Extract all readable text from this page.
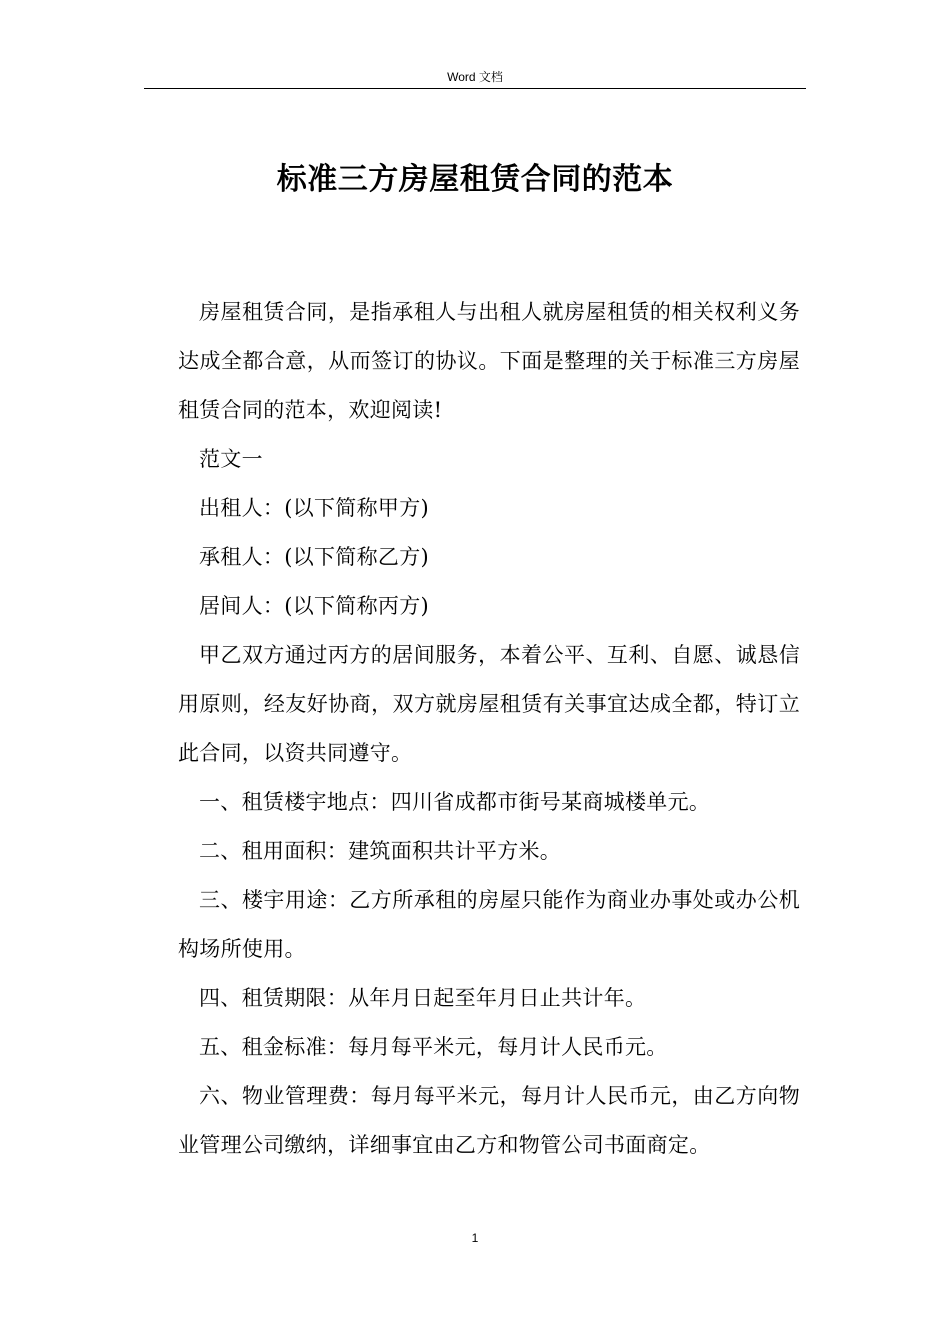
Word 文档
标准三方房屋租赁合同的范本

房屋租赁合同，是指承租人与出租人就房屋租赁的相关权利义务达成全都合意，从而签订的协议。下面是整理的关于标准三方房屋租赁合同的范本，欢迎阅读!

范文一

出租人：(以下简称甲方)

承租人：(以下简称乙方)

居间人：(以下简称丙方)

甲乙双方通过丙方的居间服务，本着公平、互利、自愿、诚恳信用原则，经友好协商，双方就房屋租赁有关事宜达成全都，特订立此合同，以资共同遵守。

一、租赁楼宇地点：四川省成都市街号某商城楼单元。

二、租用面积：建筑面积共计平方米。

三、楼宇用途：乙方所承租的房屋只能作为商业办事处或办公机构场所使用。

四、租赁期限：从年月日起至年月日止共计年。

五、租金标准：每月每平米元，每月计人民币元。

六、物业管理费：每月每平米元，每月计人民币元，由乙方向物业管理公司缴纳，详细事宜由乙方和物管公司书面商定。

1
